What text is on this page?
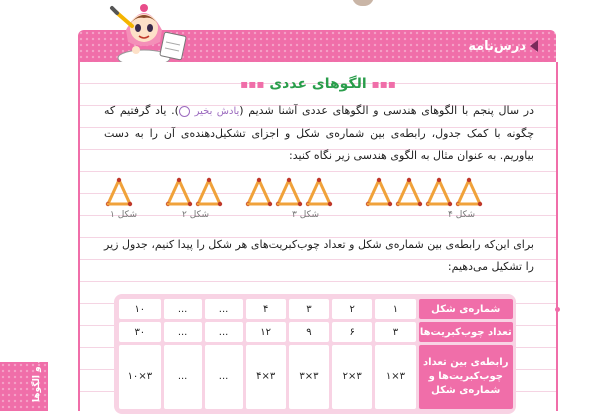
درس‌نامه
▪▪▪ الگوهای عددی ▪▪▪
در سال پنجم با الگوهای هندسی و الگوهای عددی آشنا شدیم (یادش بخیر ). یاد گرفتیم که چگونه با کمک جدول، رابطه‌ی بین شماره‌ی شکل و اجزای تشکیل‌دهنده‌ی آن را به دست بیاوریم. به عنوان مثال به الگوی هندسی زیر نگاه کنید:
شکل ۱	شکل ۲	شکل ۳	شکل ۴
برای این‌که رابطه‌ی بین شماره‌ی شکل و تعداد چوب‌کبریت‌های هر شکل را پیدا کنیم، جدول زیر را تشکیل می‌دهیم:
شماره‌ی شکل	۱	۲	۳	۴	...	...	۱۰
تعداد چوب‌کبریت‌ها	۳	۶	۹	۱۲	...	...	۳۰
رابطه‌ی بین تعداد چوب‌کبریت‌ها و شماره‌ی شکل	۳×۱	۳×۲	۳×۳	۳×۴	...	...	۳×۱۰
عدد و الگوها
